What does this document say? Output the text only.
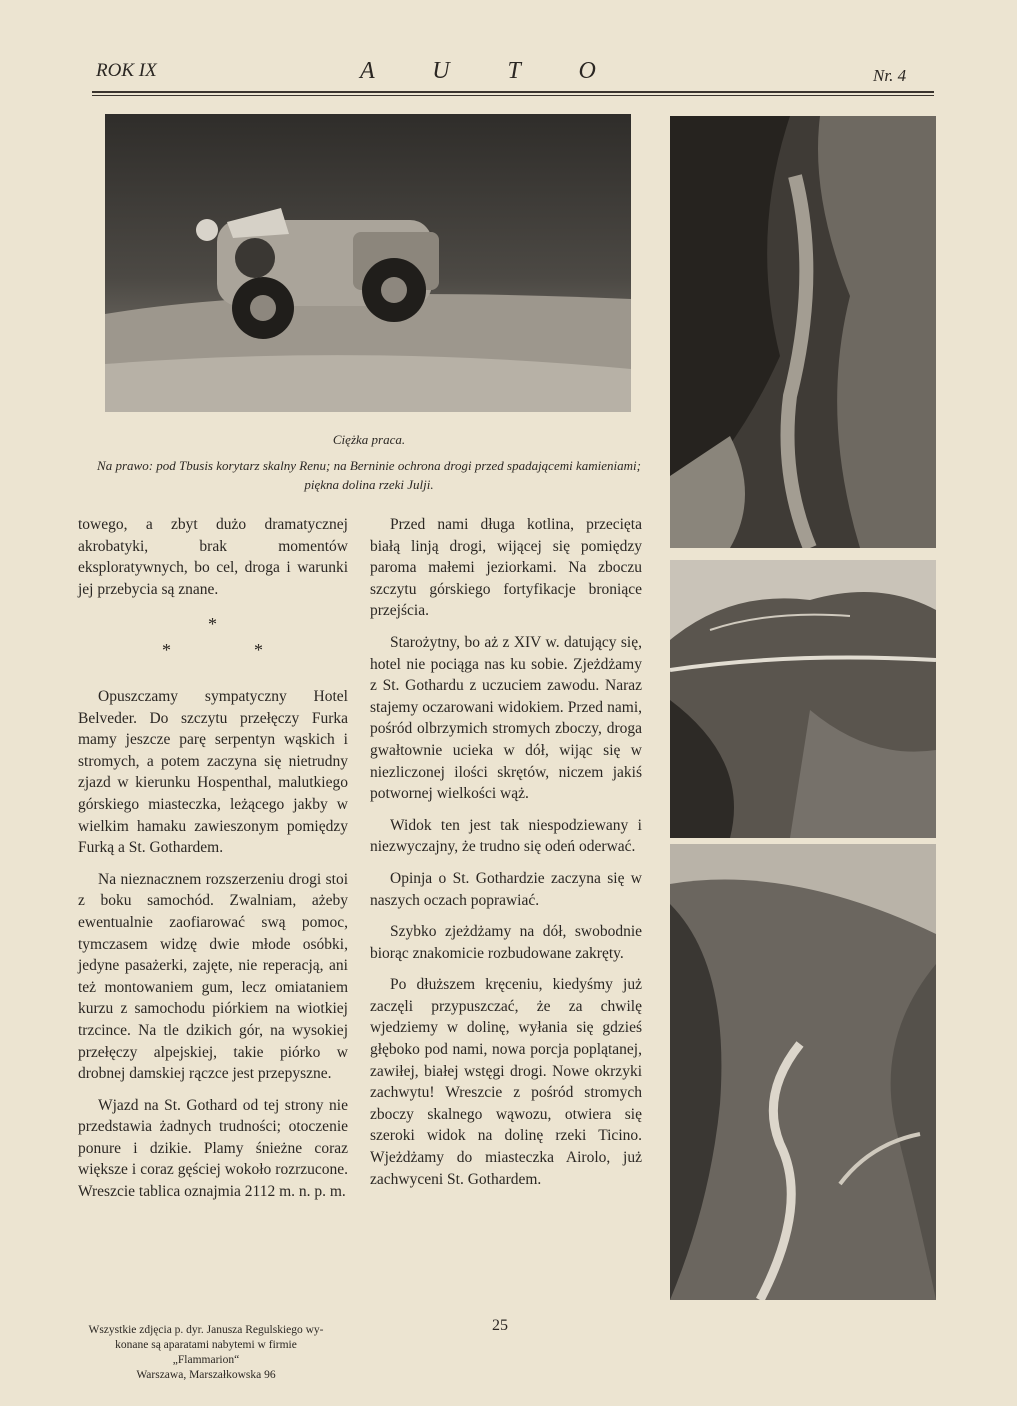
ROK IX	A U T O	Nr. 4
Ciężka praca.
Na prawo: pod Tbusis korytarz skalny Renu; na Berninie ochrona drogi przed spadającemi kamieniami; piękna dolina rzeki Julji.

towego, a zbyt dużo dramatycznej akrobatyki, brak momentów eksploratywnych, bo cel, droga i warunki jej przebycia są znane.

*
*	*

Opuszczamy sympatyczny Hotel Belveder. Do szczytu przełęczy Furka mamy jeszcze parę serpentyn wąskich i stromych, a potem zaczyna się nietrudny zjazd w kierunku Hospenthal, malutkiego górskiego miasteczka, leżącego jakby w wielkim hamaku zawieszonym pomiędzy Furką a St. Gothardem.

Na nieznacznem rozszerzeniu drogi stoi z boku samochód. Zwalniam, ażeby ewentualnie zaofiarować swą pomoc, tymczasem widzę dwie młode osóbki, jedyne pasażerki, zajęte, nie reperacją, ani też montowaniem gum, lecz omiataniem kurzu z samochodu piórkiem na wiotkiej trzcince. Na tle dzikich gór, na wysokiej przełęczy alpejskiej, takie piórko w drobnej damskiej rączce jest przepyszne.

Wjazd na St. Gothard od tej strony nie przedstawia żadnych trudności; otoczenie ponure i dzikie. Plamy śnieżne coraz większe i coraz gęściej wokoło rozrzucone. Wreszcie tablica oznajmia 2112 m. n. p. m.

Przed nami długa kotlina, przecięta białą linją drogi, wijącej się pomiędzy paroma małemi jeziorkami. Na zboczu szczytu górskiego fortyfikacje broniące przejścia.

Starożytny, bo aż z XIV w. datujący się, hotel nie pociąga nas ku sobie. Zjeżdżamy z St. Gothardu z uczuciem zawodu. Naraz stajemy oczarowani widokiem. Przed nami, pośród olbrzymich stromych zboczy, droga gwałtownie ucieka w dół, wijąc się w niezliczonej ilości skrętów, niczem jakiś potwornej wielkości wąż.

Widok ten jest tak niespodziewany i niezwyczajny, że trudno się odeń oderwać.

Opinja o St. Gothardzie zaczyna się w naszych oczach poprawiać.

Szybko zjeżdżamy na dół, swobodnie biorąc znakomicie rozbudowane zakręty.

Po dłuższem kręceniu, kiedyśmy już zaczęli przypuszczać, że za chwilę wjedziemy w dolinę, wyłania się gdzieś głęboko pod nami, nowa porcja poplątanej, zawiłej, białej wstęgi drogi. Nowe okrzyki zachwytu! Wreszcie z pośród stromych zboczy skalnego wąwozu, otwiera się szeroki widok na dolinę rzeki Ticino. Wjeżdżamy do miasteczka Airolo, już zachwyceni St. Gothardem.

25
Wszystkie zdjęcia p. dyr. Janusza Regulskiego wy-
konane są aparatami nabytemi w firmie „Flammarion“
Warszawa, Marszałkowska 96
